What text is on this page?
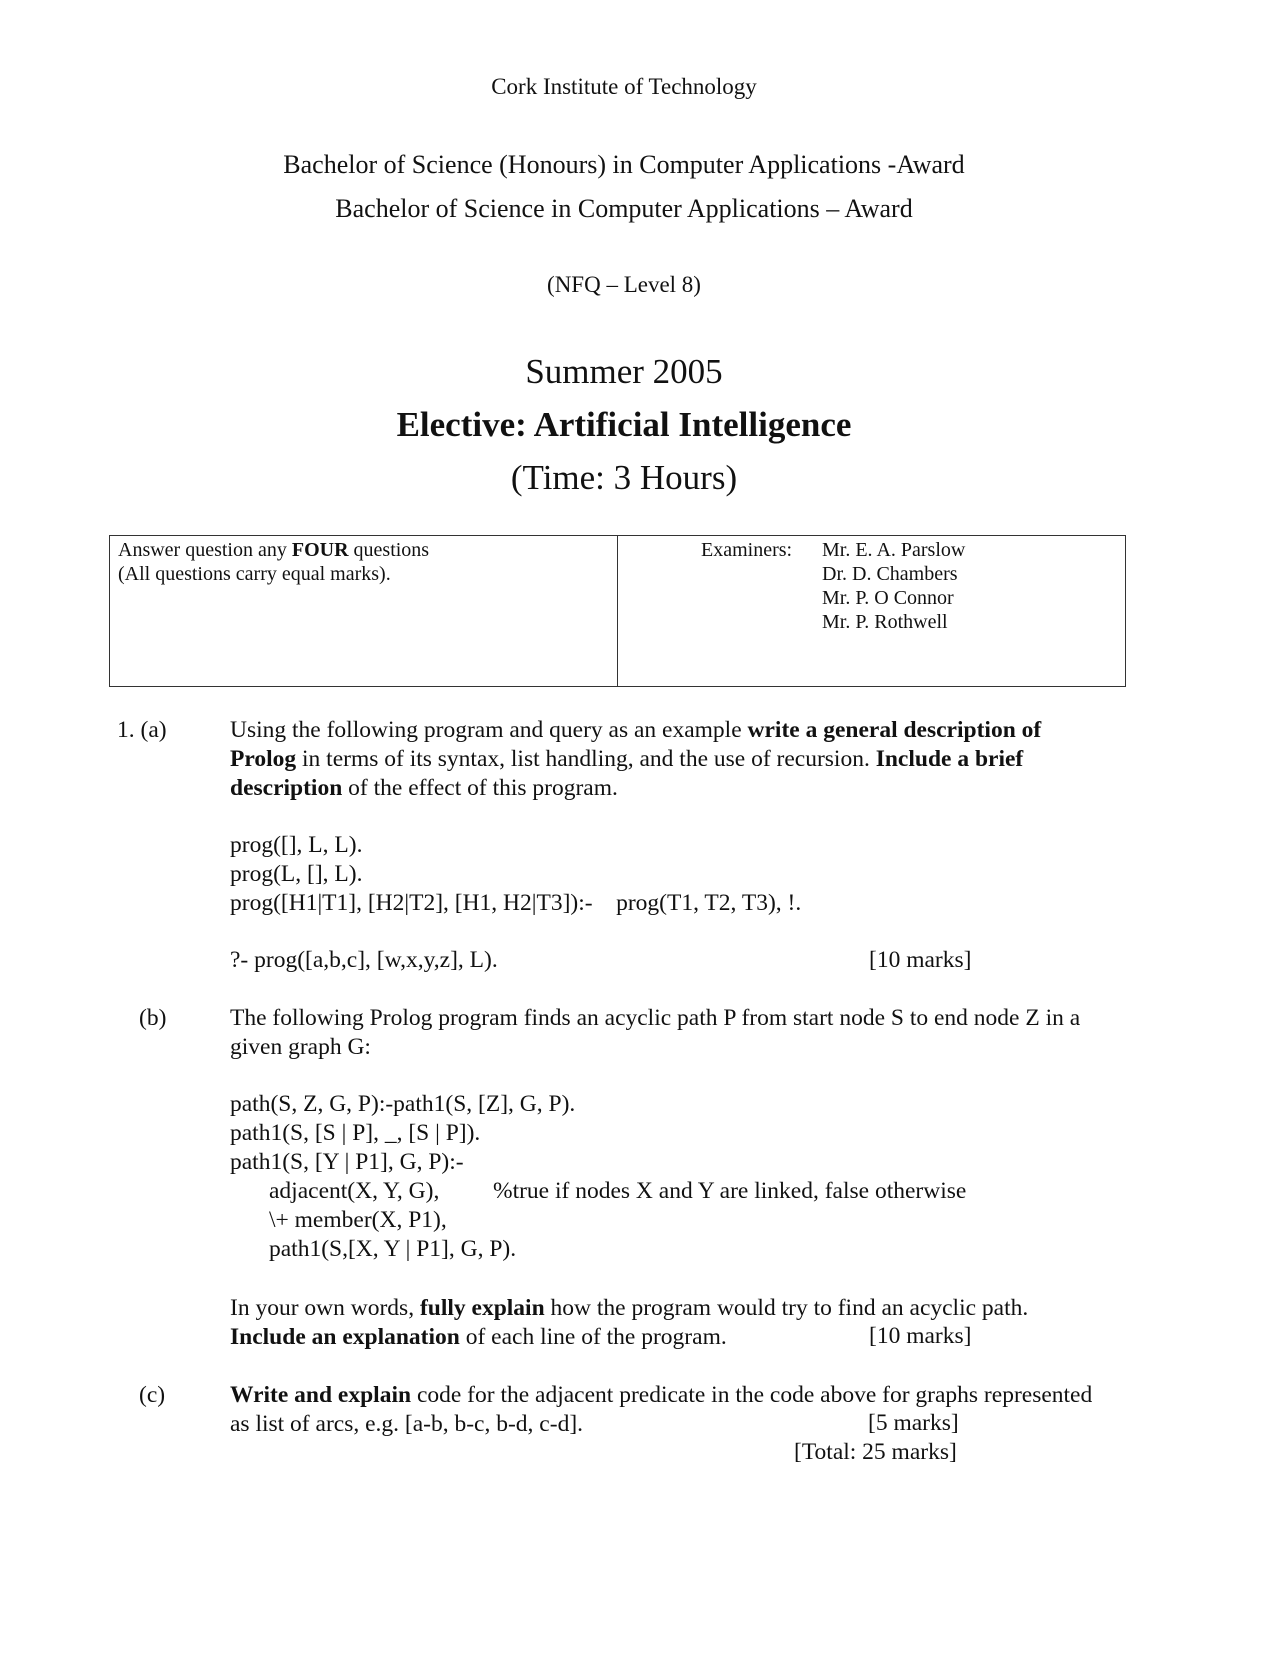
Cork Institute of Technology
Bachelor of Science (Honours) in Computer Applications -Award
Bachelor of Science in Computer Applications – Award
(NFQ – Level 8)
Summer 2005
Elective: Artificial Intelligence
(Time: 3 Hours)
Answer question any FOUR questions
(All questions carry equal marks).
Examiners: Mr. E. A. Parslow
Dr. D. Chambers
Mr. P. O Connor
Mr. P. Rothwell
1. (a)	Using the following program and query as an example write a general description of
Prolog in terms of its syntax, list handling, and the use of recursion. Include a brief
description of the effect of this program.
prog([], L, L).
prog(L, [], L).
prog([H1|T1], [H2|T2], [H1, H2|T3]):-    prog(T1, T2, T3), !.
?- prog([a,b,c], [w,x,y,z], L).	[10 marks]
(b)	The following Prolog program finds an acyclic path P from start node S to end node Z in a
given graph G:
path(S, Z, G, P):-path1(S, [Z], G, P).
path1(S, [S | P], _, [S | P]).
path1(S, [Y | P1], G, P):-
adjacent(X, Y, G), %true if nodes X and Y are linked, false otherwise
\+ member(X, P1),
path1(S,[X, Y | P1], G, P).
In your own words, fully explain how the program would try to find an acyclic path.
Include an explanation of each line of the program.	[10 marks]
(c)	Write and explain code for the adjacent predicate in the code above for graphs represented
as list of arcs, e.g. [a-b, b-c, b-d, c-d].	[5 marks]
[Total: 25 marks]
